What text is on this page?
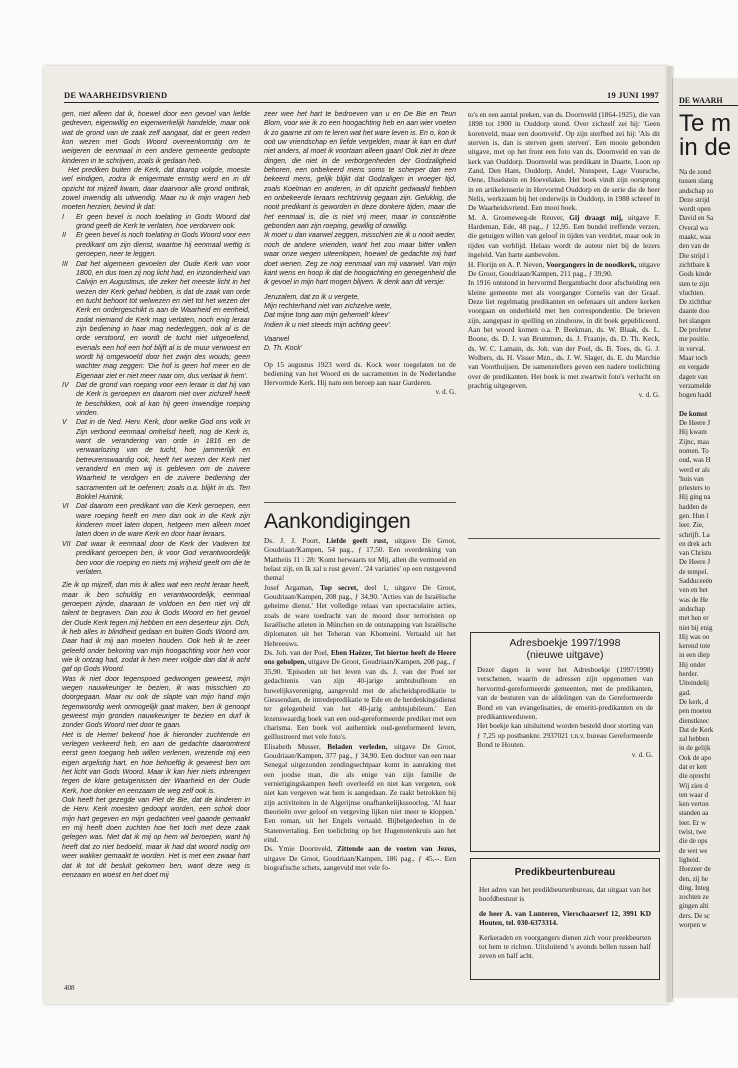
DE WAARHEIDSVRIEND	19 JUNI 1997

gen, niet alleen dat ik, hoewel door een gevoel van liefde gedreven, eigenwillig en eigenwerkelijk handelde, maar ook wat de grond van de zaak zelf aangaat, dat er geen reden kon wezen met Gods Woord overeenkomstig om te weigeren de eenmaal in een andere gemeente gedoopte kinderen in te schrijven, zoals ik gedaan heb.

Het prediken buiten de Kerk, dat daarop volgde, moeste wel eindigen, zodra ik enigermate ernstig werd en in dit opzicht tot mijzelf kwam, daar daarvoor alle grond ontbrak, zowel inwendig als uitwendig. Maar nu ik mijn vragen heb moeten herzien, bevind ik dat:

I	Er geen bevel is noch toelating in Gods Woord dat grond geeft de Kerk te verlaten, hoe verdorven ook.
II	Er geen bevel is noch toelating in Gods Woord voor een predikant om zijn dienst, waartoe hij eenmaal wettig is geroepen, neer te leggen.
III	Dat het algemeen gevoelen der Oude Kerk van voor 1800, en dus toen zij nog licht had, en inzonderheid van Calvijn en Augustinus, die zeker het meeste licht in het wezen der Kerk gehad hebben, is dat de zaak van orde en tucht behoort tot welwezen en niet tot het wezen der Kerk en ondergeschikt is aan de Waarheid en eenheid, zodat niemand de Kerk mag verlaten, noch enig leraar zijn bediening in haar mag nederleggen, ook al is de orde verstoord, en wordt de tucht niet uitgeoefend, evenals een hof een hof blijft al is de muur verwoest en wordt hij omgewoeld door het zwijn des wouds; geen wachter mag zeggen: 'Die hof is geen hof meer en de Eigenaar ziet er niet meer naar om, dus verlaat ik hem'.
IV	Dat de grond van roeping voor een leraar is dat hij van de Kerk is geroepen en daarom niet over zichzelf heeft te beschikken, ook al kan hij geen inwendige roeping vinden.
V	Dat in de Ned. Herv. Kerk, door welke God ons volk in Zijn verbond eenmaal omhelsd heeft, nog de Kerk is, want de verandering van orde in 1816 en de verwaarlozing van de tucht, hoe jammerlijk en betreurenswaardig ook, heeft het wezen der Kerk niet veranderd en men wij is gebleven om de zuivere Waarheid te verdigen en de zuivere bediening der sacramenten uit te oefenen; zoals o.a. blijkt in ds. Ten Bokkel Huinink.
VI	Dat daarom een predikant van die Kerk geroepen, een ware roeping heeft en men dan ook in die Kerk zijn kinderen moet laten dopen, hetgeen men alleen moet laten doen in de ware Kerk en door haar leraars.
VII Dat waar ik eenmaal door de Kerk der Vaderen tot predikant geroepen ben, ik voor God verantwoordelijk ben voor die roeping en niets mij vrijheid geeft om die te verlaten.

Zie ik op mijzelf, dan mis ik alles wat een recht leraar heeft, maar ik ben schuldig en verantwoordelijk, eenmaal geroepen zijnde, daaraan te voldoen en ben niet vrij dit talent te begraven. Dan zou ik Gods Woord en het gevoel der Oude Kerk tegen mij hebben en een deserteur zijn. Och, ik heb alles in blindheid gedaan en buiten Gods Woord om. Daar had ik mij aan moeten houden. Ook heb ik te zeer geleefd onder bekoring van mijn hoogachting voor hen voor wie ik ontzag had, zodat ik hen meer volgde dan dat ik acht gaf op Gods Woord.

Was ik niet door tegenspoed gedwongen geweest, mijn wegen nauwkeuriger te bezien, ik was misschien zo doorgegaan. Maar nu ook de slapte van mijn hand mijn tegenwoordig werk onmogelijk gaat maken, ben ik genoopt geweest mijn gronden nauwkeuriger te bezien en durf ik zonder Gods Woord niet door te gaan.

Het is de Heme! bekend hoe ik hieronder zuchtende en verlegen verkeerd heb, en aan de gedachte daaromtrent eerst geen toegang heb willen verlenen, vrezende mij een eigen argelistig hart, en hoe behoeftig ik geweest ben om het licht van Gods Woord. Maar ik kan hier niets inbrengen tegen de klare getuigenissen der Waarheid en der Oude Kerk, hoe donker en eenzaam de weg zelf ook is.

Ook heeft het gezegde van Piet de Bie, dat de kinderen in de Herv. Kerk moesten gedoopt worden, een schok door mijn hart gegeven en mijn gedachten veel gaande gemaakt en mij heeft doen zuchten hoe het toch met deze zaak gelegen was. Niet dat ik mij op hem wil beroepen, want hij heeft dat zo niet bedoeld, maar ik had dat woord nodig om weer wakker gemaakt te worden. Het is met een zwaar hart dat ik tot dit besluit gekomen ben, want deze weg is eenzaam en woest en het doet mij

zeer wee het hart te bedroeven van u en De Bie en Teun Blom, voor wie ik zo een hoogachting heb en aan wier voeten ik zo gaarne zit om te leren wat het ware leven is. En o, kon ik ooit uw vriendschap en liefde vergelden, maar ik kan en durf niet anders, al moet ik voortaan alleen gaan! Ook ziet in deze dingen, die niet in de verborgenheden der Godzaligheid behoren, een onbekeerd mens soms te scherper dan een bekeerd mens, gelijk blijkt dat Godzaligen in vroeger tijd, zoals Koelman en anderen, in dit opzicht gedwaald hebben en onbekeerde leraars rechtzinnig gegaan zijn. Gelukkig, die nooit predikant is geworden in deze donkere tijden, maar die het eenmaal is, die is niet vrij meer, maar in consciëntie gebonden aan zijn roeping, gewillig of onwillig.

Ik moet u dan vaarwel zeggen, misschien zie ik u nooit weder, noch de andere vrienden, want het zou maar bitter vallen waar onze wegen uiteenlopen, hoewel de gedachte mij hart doet wenen. Zeg ze nog eenmaal van mij vaarwel. Van mijn kant wens en hoop ik dat de hoogachting en genegenheid die ik gevoel in mijn hart mogen blijven. Ik denk aan dit versje:

Jeruzalem, dat zo ik u vergete,

Mijn rechterhand niet van zichzelve wete,

Dat mijne tong aan mijn gehemelt' kleev'

Indien ik u niet steeds mijn achting geev'.

Vaarwel

D. Th. Kock'

Op 15 augustus 1923 werd ds. Kock weer toegelaten tot de bediening van het Woord en de sacramenten in de Nederlandse Hervormde Kerk. Hij nam een beroep aan naar Garderen.

v. d. G.

Aankondigingen

Ds. J. J. Poort, Liefde geeft rust, uitgave De Groot, Goudriaan/Kampen, 54 pag., ƒ 17,50. Een overdenking van Mattheüs 11 : 28: 'Komt herwaarts tot Mij, allen die vermoeid en belast zijt, en Ik zal u rust geven'. '24 variaties' op een rustgevend thema!

Josef Argaman, Top secret, deel 1, uitgave De Groot, Goudriaan/Kampen, 208 pag., ƒ 34,90. 'Acties van de Israëlische geheime dienst.' Het volledige relaas van spectaculaire acties, zoals de ware toedracht van de moord door terroristen op Israëlische atleten in München en de ontsnapping van Israëlische diplomaten uit het Teheran van Khomeini. Vertaald uit het Hebreeuws.

Ds. Joh. van der Poel, Eben Haëzer, Tot hiertoe heeft de Heere ons geholpen, uitgave De Groot, Goudriaan/Kampen, 208 pag., ƒ 35,90. 'Episoden uit het leven van ds. J. van der Poel ter gedachtenis van zijn 40-jarige ambtsbulleum en huwelijksverenigng, aangevuld met de afscheidspredikatie te Giessendam, de intredepredikatie te Ede en de herdenkingsdienst ter gelegenheid van het 40-jarig ambtsjubileum.' Een lezenswaardig boek van een oud-gereformeerde prediker met een charisma. Een boek vol authentiek oud-gereformeerd leven, geïllustreerd met vele foto's.

Elisabeth Musser, Beladen verleden, uitgave De Groot, Goudriaan/Kampen, 377 pag., ƒ 34,90. Een dochter van een naar Senegal uitgezonden zendingsechtpaar komt in aanraking met een joodse man, die als enige van zijn familie de vernietigingskampen heeft overleefd en niet kan vergeten, ook niet kan vergeven wat hem is aangedaan. Ze raakt betrokken bij zijn activiteiten in de Algerijnse onafhankelijkssoorlog. 'Al haar theorieën over geloof en vergeving lijken niet meer te kloppen.' Een roman, uit het Engels vertaald. Bijbelgedeelten in de Statenvertaling. Een toelichting op het Hugenotenkruis aan het eind.

Ds. Ymie Doornveld, Zittende aan de voeten van Jezus, uitgave De Groot, Goudriaan/Kampen, 186 pag., ƒ 45,--. Een biografische schets, aangevuld met vele fo-

to's en een aantal preken, van ds. Doornveld (1864-1925), die van 1898 tot 1900 in Ouddorp stond. Over zichzelf zei hij: 'Geen korenveld, maar een doornveld'. Op zijn sterfbed zei hij: 'Als dit sterven is, dan is sterven geen sterven'. Een mooie gebonden uitgave, met op het front een foto van ds. Doornveld en van de kerk van Ouddorp. Doornveld was predikant in Duarte, Loon op Zand, Den Ham, Ouddorp, Andel, Nunspeet, Lage Vuursche, Oene, IJsselstein en Hoevelaken. Het boek vindt zijn oorsprong in en artikelenserie in Hervormd Ouddorp en de serie die de heer Nelis, werkzaam bij het onderwijs in Ouddorp, in 1988 schreef in De Waarheidsvriend. Een mooi boek.

M. A. Groeneweg-de Reuver, Gij draagt mij, uitgave F. Hardeman, Ede, 48 pag., ƒ 12,95. Een bundel treffende verzen, die getuigen willen van geloof in tijden van verdriet, maar ook in tijden van verblijd. Helaas wordt de auteur niet bij de lezers ingeleid. Van harte aanbevolen.

H. Florijn en A. P. Neven, Voorgangers in de noodkerk, uitgave De Groot, Goudriaan/Kampen, 211 pag., ƒ 39,90.

In 1916 ontstond in hervormd Bergambacht door afscheiding een kleine gemeente met als voorganger Cornelis van der Graaf. Deze liet regelmatig predikanten en oefenaars uit andere kerken voorgaan en onderhield met hen correspondentie. De brieven zijn, aangepast in spelling en zinsbouw, in dit boek gepubliceerd. Aan het woord komen o.a. P. Beekman, ds. W. Blaak, ds. L. Boone, ds. D. J. van Brummen, ds. J. Fraanje, ds. D. Th. Keck, ds. W. C. Lamain, ds. Joh. van der Poel, ds. B. Toes, ds. G. J. Wolbers, ds. H. Visser Mzn., ds. J. W. Slager, ds. E. du Marchie van Voorthuijsen. De samenstellers geven een nadere toelichting over de predikanten. Het boek is met zwartwit foto's verlucht en prachtig uitgegeven.

v. d. G.

Adresboekje 1997/1998
(nieuwe uitgave)

Dezer dagen is weer het Adresboekje (1997/1998) verschenen, waarin de adressen zijn opgenomen van hervormd-gereformeerde gemeenten, met de predikanten, van de besturen van de afdelingen van de Gereformeerde Bond en van evangelisaties, de emeriti-predikanten en de predikantsweduwen.

Het boekje kan uitsluitend worden besteld door storting van ƒ 7,25 op postbanknr. 2937021 t.n.v. bureau Gereformeerde Bond te Houten.

v. d. G.

Predikbeurtenbureau

Het adres van het predikbeurtenbureau, dat uitgaat van het hoofdbestuur is

de heer A. van Lunteren, Vierschaarserf 12, 3991 KD Houten, tel. 030-6373314.

Kerkeraden en voorgangers dienen zich voor preekbeurten tot hem te richten. Uitsluitend 's avonds bellen tussen half zeven en half acht.

408
DE WAARH
Te m
in de
Na de zond
tussen slang
andschap zo
Deze strijd
wordt open
David en Sa
Overal wa
maakt, waa
den van de
Die strijd i
zichtbare k
Gods kinde
sten te zijn
vluchten.
De zichtbar
daante doo
het slangen
De profeter
me positie.
in verval.
Maar toch
en vergade
dagen van
verzamelde
bogen hadd

De komst
De Heere J
Hij kwam
Zijnc, maa
nomen. To
oud, was H
werd er als
'huis van
priesters to
Hij ging na
hadden de
gen. Hun l
leer. Zie,
schrijft. La
en drek ach
van Christu
De Heere J
de tempel.
Sadduceeën
ven en het
was de He
andschap
met hen er
niet bij enig
Hij was oo
kerend tote
in een diep
Hij onder
herder.
Uiteindelij
gad.
De kerk, d
pen moeten
dienstknec
Dat de Kerk
zal hebben
in de gelijk
Ook de apo
dat er kett
die oprecht
Wij zien d
ten waar d
ken verton
standen aa
leer. Er w
twist, twe
die de ops
de wet we
ligheid.
Hoezeer de
den, zij he
ding. Integ
zochten ze
gingen alti
ders. De sc
worpen w
